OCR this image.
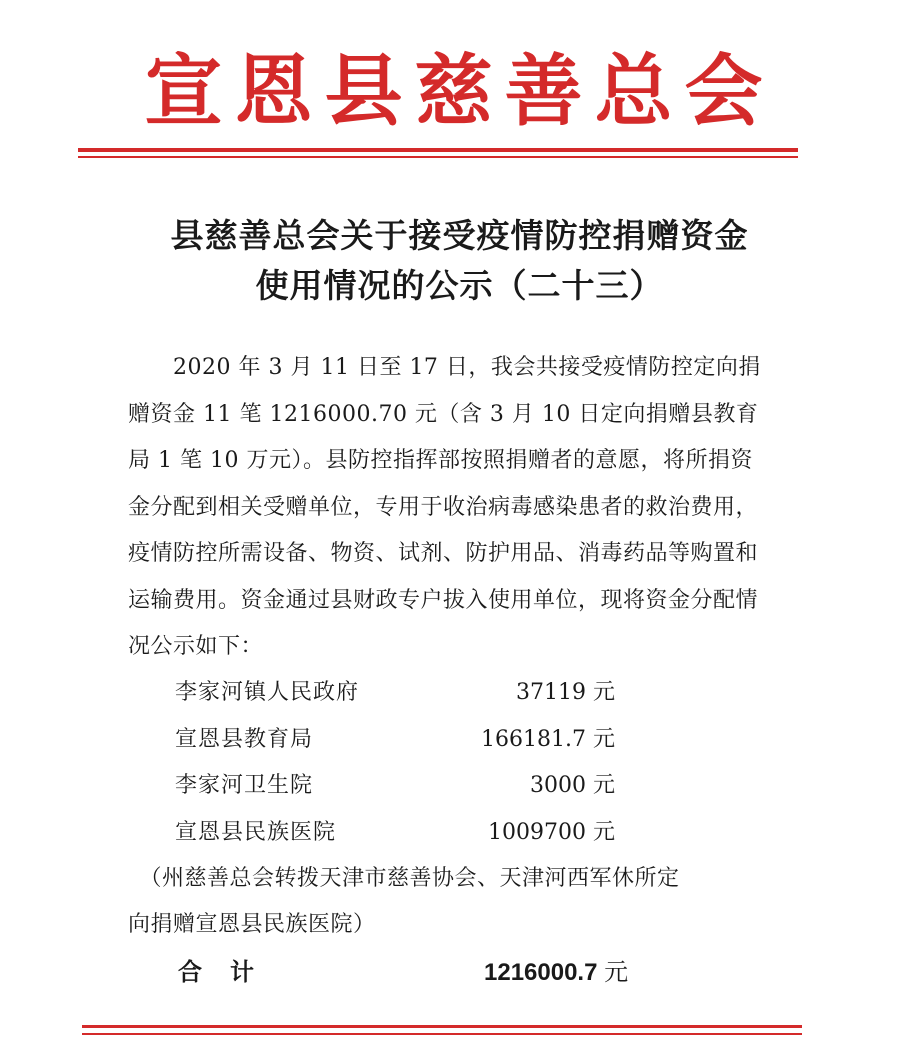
宣恩县慈善总会
县慈善总会关于接受疫情防控捐赠资金
使用情况的公示（二十三）
　　2020 年 3 月 11 日至 17 日，我会共接受疫情防控定向捐
赠资金 11 笔 1216000.70 元（含 3 月 10 日定向捐赠县教育
局 1 笔 10 万元）。县防控指挥部按照捐赠者的意愿，将所捐资
金分配到相关受赠单位，专用于收治病毒感染患者的救治费用，
疫情防控所需设备、物资、试剂、防护用品、消毒药品等购置和
运输费用。资金通过县财政专户拔入使用单位，现将资金分配情
况公示如下：
李家河镇人民政府	37119 元
宣恩县教育局	166181.7 元
李家河卫生院	3000 元
宣恩县民族医院	1009700 元
　（州慈善总会转拨天津市慈善协会、天津河西军休所定
向捐赠宣恩县民族医院）
合计	1216000.7 元
